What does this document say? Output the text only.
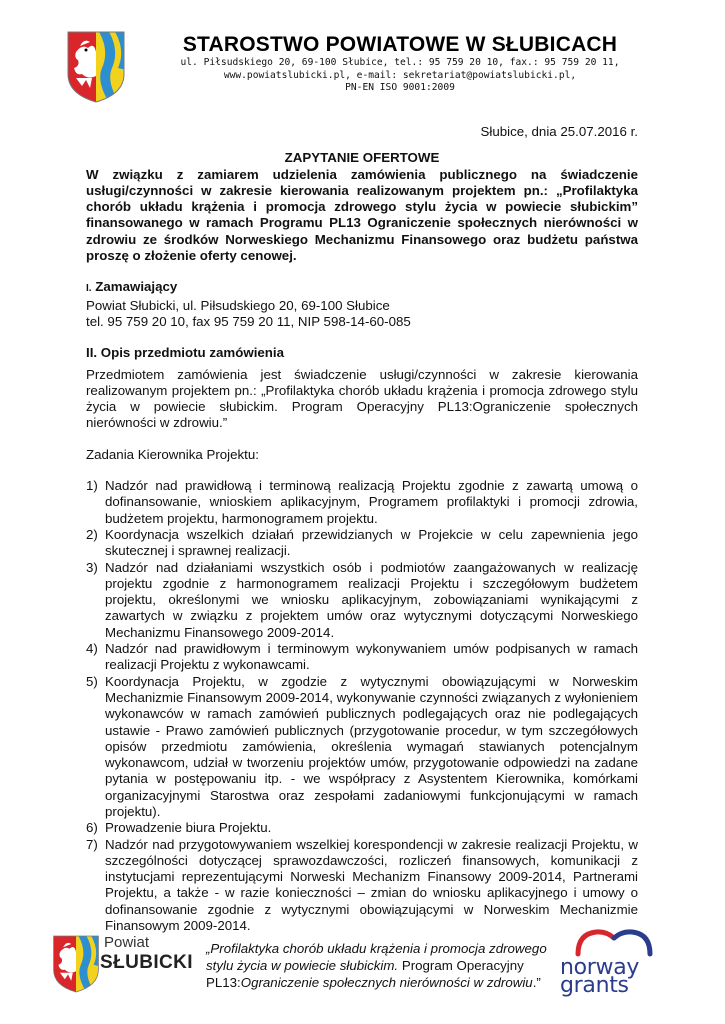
STAROSTWO POWIATOWE W SŁUBICACH
ul. Piłsudskiego 20, 69-100 Słubice, tel.: 95 759 20 10, fax.: 95 759 20 11,
www.powiatslubicki.pl, e-mail: sekretariat@powiatslubicki.pl,
PN-EN ISO 9001:2009
Słubice, dnia 25.07.2016 r.
ZAPYTANIE OFERTOWE
W związku z zamiarem udzielenia zamówienia publicznego na świadczenie usługi/czynności w zakresie kierowania realizowanym projektem pn.: „Profilaktyka chorób układu krążenia i promocja zdrowego stylu życia w powiecie słubickim” finansowanego w ramach Programu PL13 Ograniczenie społecznych nierówności w zdrowiu ze środków Norweskiego Mechanizmu Finansowego oraz budżetu państwa proszę o złożenie oferty cenowej.
I. Zamawiający
Powiat Słubicki, ul. Piłsudskiego 20, 69-100 Słubice
tel. 95 759 20 10, fax 95 759 20 11, NIP 598-14-60-085
II. Opis przedmiotu zamówienia
Przedmiotem zamówienia jest świadczenie usługi/czynności w zakresie kierowania realizowanym projektem pn.: „Profilaktyka chorób układu krążenia i promocja zdrowego stylu życia w powiecie słubickim. Program Operacyjny PL13:Ograniczenie społecznych nierówności w zdrowiu.”
Zadania Kierownika Projektu:
1) Nadzór nad prawidłową i terminową realizacją Projektu zgodnie z zawartą umową o dofinansowanie, wnioskiem aplikacyjnym, Programem profilaktyki i promocji zdrowia, budżetem projektu, harmonogramem projektu.
2) Koordynacja wszelkich działań przewidzianych w Projekcie w celu zapewnienia jego skutecznej i sprawnej realizacji.
3) Nadzór nad działaniami wszystkich osób i podmiotów zaangażowanych w realizację projektu zgodnie z harmonogramem realizacji Projektu i szczegółowym budżetem projektu, określonymi we wniosku aplikacyjnym, zobowiązaniami wynikającymi z zawartych w związku z projektem umów oraz wytycznymi dotyczącymi Norweskiego Mechanizmu Finansowego 2009-2014.
4) Nadzór nad prawidłowym i terminowym wykonywaniem umów podpisanych w ramach realizacji Projektu z wykonawcami.
5) Koordynacja Projektu, w zgodzie z wytycznymi obowiązującymi w Norweskim Mechanizmie Finansowym 2009-2014, wykonywanie czynności związanych z wyłonieniem wykonawców w ramach zamówień publicznych podlegających oraz nie podlegających ustawie - Prawo zamówień publicznych (przygotowanie procedur, w tym szczegółowych opisów przedmiotu zamówienia, określenia wymagań stawianych potencjalnym wykonawcom, udział w tworzeniu projektów umów, przygotowanie odpowiedzi na zadane pytania w postępowaniu itp. - we współpracy z Asystentem Kierownika, komórkami organizacyjnymi Starostwa oraz zespołami zadaniowymi funkcjonującymi w ramach projektu).
6) Prowadzenie biura Projektu.
7) Nadzór nad przygotowywaniem wszelkiej korespondencji w zakresie realizacji Projektu, w szczególności dotyczącej sprawozdawczości, rozliczeń finansowych, komunikacji z instytucjami reprezentującymi Norweski Mechanizm Finansowy 2009-2014, Partnerami Projektu, a także - w razie konieczności – zmian do wniosku aplikacyjnego i umowy o dofinansowanie zgodnie z wytycznymi obowiązującymi w Norweskim Mechanizmie Finansowym 2009-2014.
Powiat
SŁUBICKI
„Profilaktyka chorób układu krążenia i promocja zdrowego stylu życia w powiecie słubickim. Program Operacyjny PL13:Ograniczenie społecznych nierówności w zdrowiu.”
norway
grants
